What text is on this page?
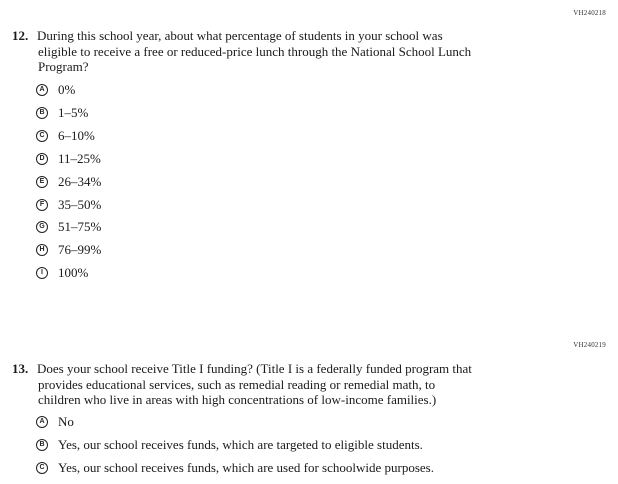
VH240218
12. During this school year, about what percentage of students in your school was
eligible to receive a free or reduced-price lunch through the National School Lunch
Program?
A 0%
B 1–5%
C 6–10%
D 11–25%
E 26–34%
F 35–50%
G 51–75%
H 76–99%
I	100%
VH240219
13. Does your school receive Title I funding? (Title I is a federally funded program that
provides educational services, such as remedial reading or remedial math, to
children who live in areas with high concentrations of low-income families.)
A No
B Yes, our school receives funds, which are targeted to eligible students.
C Yes, our school receives funds, which are used for schoolwide purposes.
